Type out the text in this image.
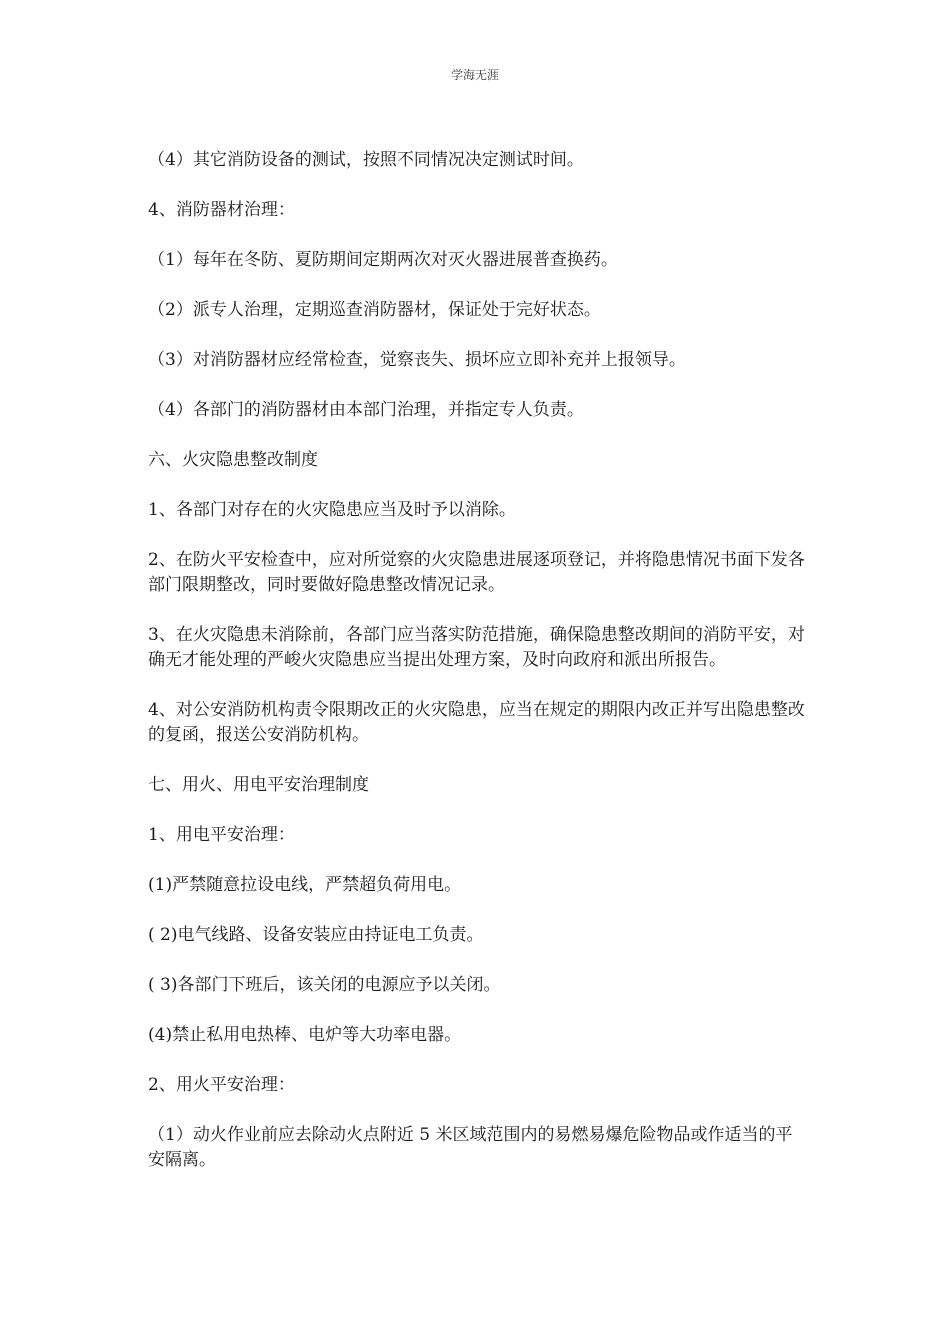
学海无涯

（4）其它消防设备的测试，按照不同情况决定测试时间。

4、消防器材治理：

（1）每年在冬防、夏防期间定期两次对灭火器进展普查换药。

（2）派专人治理，定期巡查消防器材，保证处于完好状态。

（3）对消防器材应经常检查，觉察丧失、损坏应立即补充并上报领导。

（4）各部门的消防器材由本部门治理，并指定专人负责。

六、火灾隐患整改制度

1、各部门对存在的火灾隐患应当及时予以消除。

2、在防火平安检查中，应对所觉察的火灾隐患进展逐项登记，并将隐患情况书面下发各部门限期整改，同时要做好隐患整改情况记录。

3、在火灾隐患未消除前，各部门应当落实防范措施，确保隐患整改期间的消防平安，对确无才能处理的严峻火灾隐患应当提出处理方案，及时向政府和派出所报告。

4、对公安消防机构责令限期改正的火灾隐患，应当在规定的期限内改正并写出隐患整改的复函，报送公安消防机构。

七、用火、用电平安治理制度

1、用电平安治理：

(1)严禁随意拉设电线，严禁超负荷用电。

( 2)电气线路、设备安装应由持证电工负责。

( 3)各部门下班后，该关闭的电源应予以关闭。

(4)禁止私用电热棒、电炉等大功率电器。

2、用火平安治理：

（1）动火作业前应去除动火点附近 5 米区域范围内的易燃易爆危险物品或作适当的平安隔离。
